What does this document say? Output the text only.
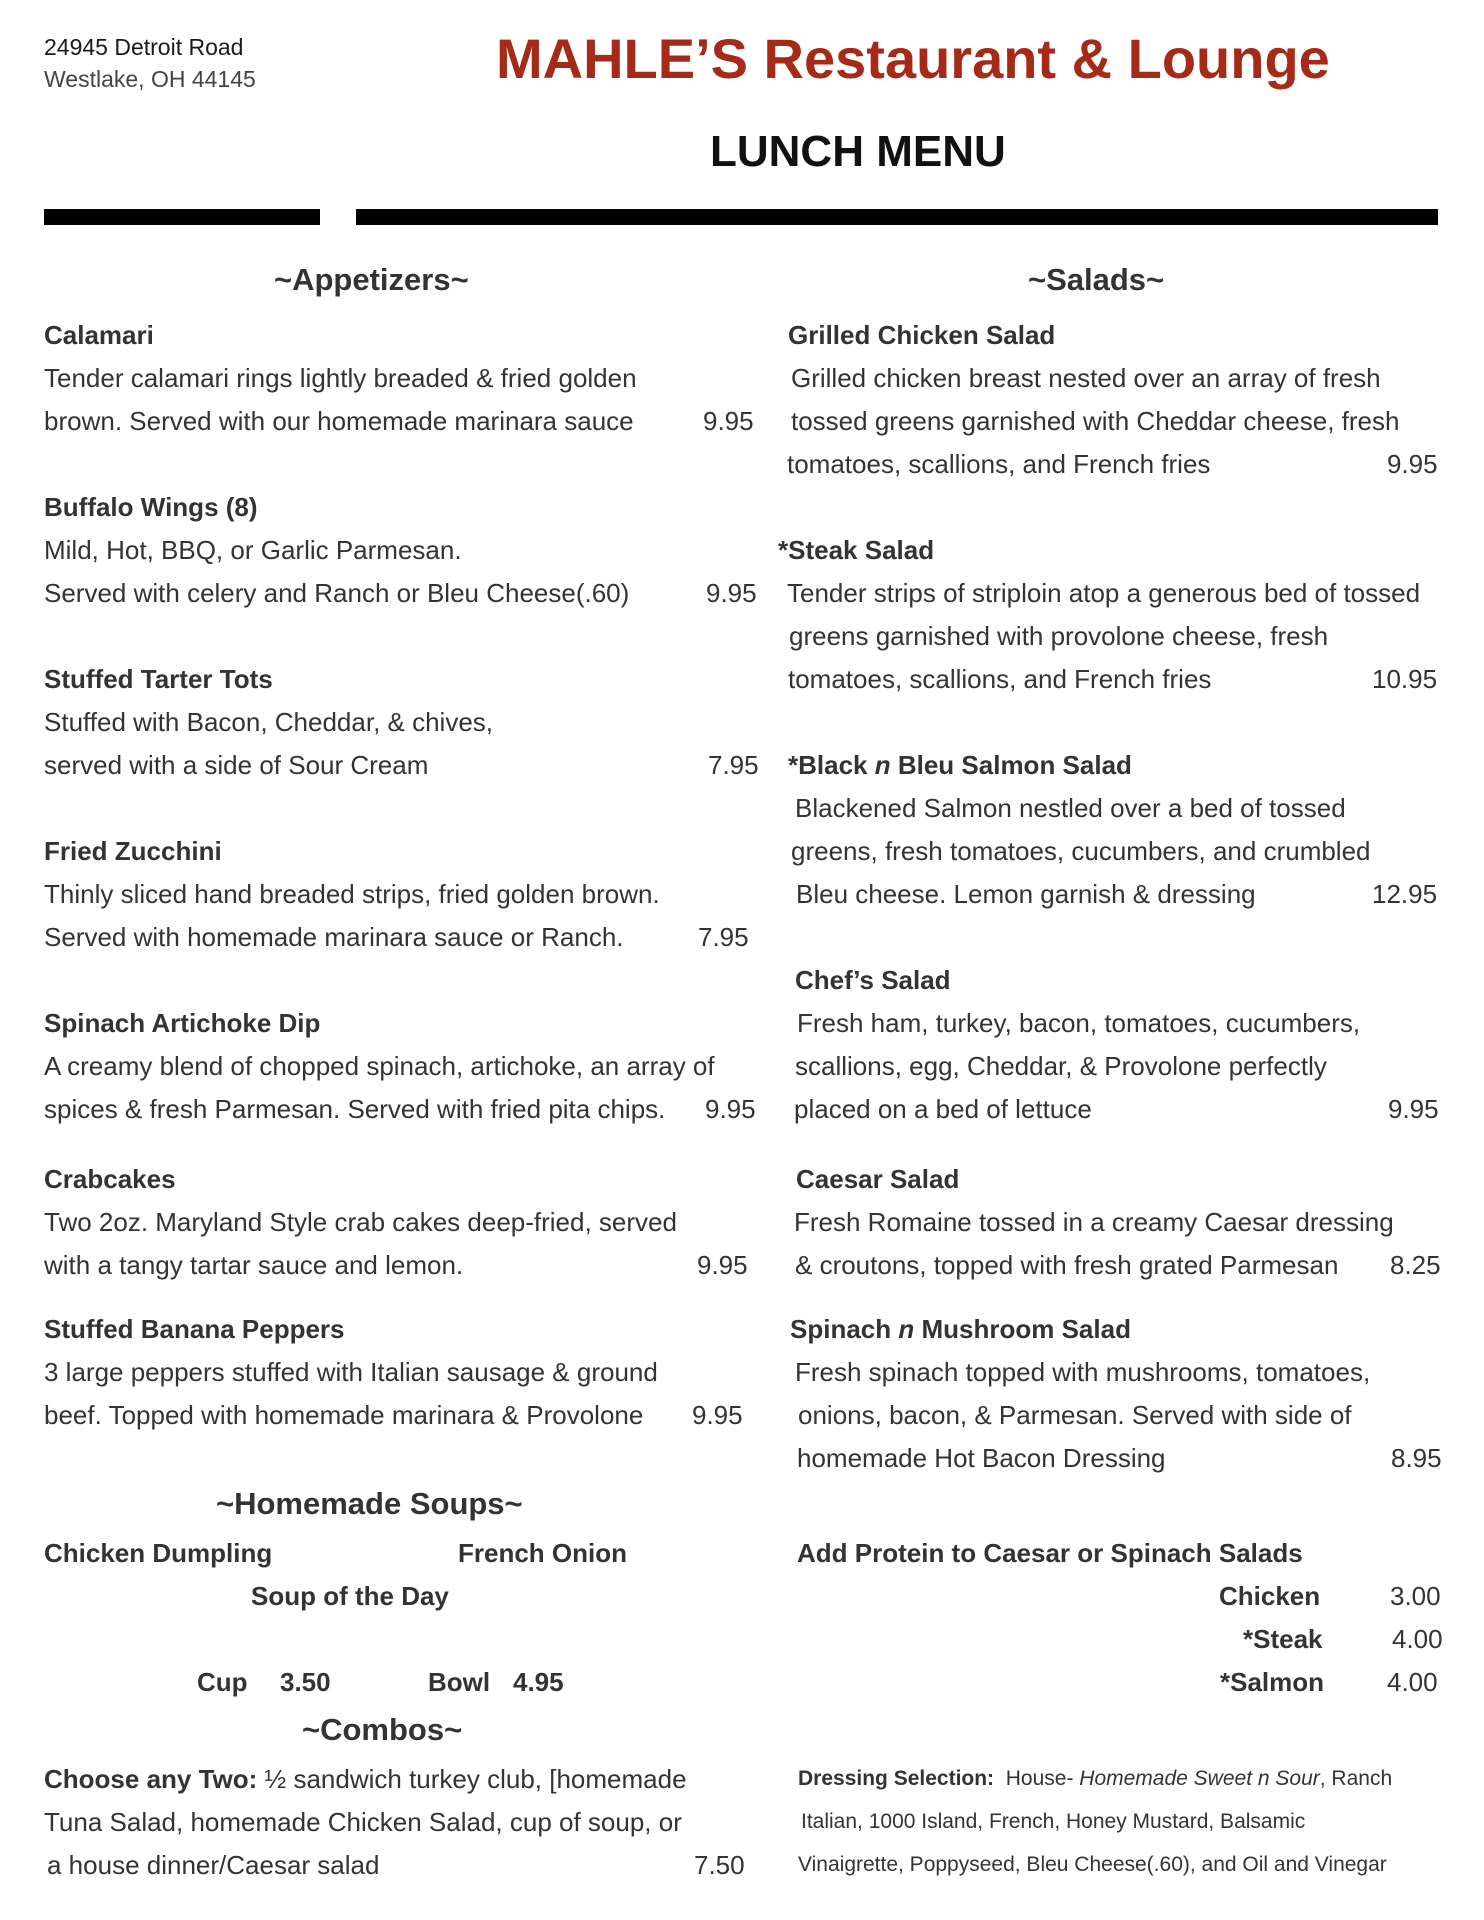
24945 Detroit Road
Westlake, OH 44145	MAHLE’S Restaurant & Lounge
LUNCH MENU
~Appetizers~
Calamari
Tender calamari rings lightly breaded & fried golden
brown. Served with our homemade marinara sauce	9.95
Buffalo Wings (8)
Mild, Hot, BBQ, or Garlic Parmesan.
Served with celery and Ranch or Bleu Cheese(.60)	9.95
Stuffed Tarter Tots
Stuffed with Bacon, Cheddar, & chives,
served with a side of Sour Cream	7.95
Fried Zucchini
Thinly sliced hand breaded strips, fried golden brown.
Served with homemade marinara sauce or Ranch.	7.95
Spinach Artichoke Dip
A creamy blend of chopped spinach, artichoke, an array of
spices & fresh Parmesan. Served with fried pita chips. 9.95
Crabcakes
Two 2oz. Maryland Style crab cakes deep-fried, served
with a tangy tartar sauce and lemon.	9.95
Stuffed Banana Peppers
3 large peppers stuffed with Italian sausage & ground
beef. Topped with homemade marinara & Provolone 9.95
~Homemade Soups~
Chicken Dumpling	French Onion
Soup of the Day
Cup 3.50	Bowl 4.95
~Combos~
Choose any Two: ½ sandwich turkey club, [homemade
Tuna Salad, homemade Chicken Salad, cup of soup, or
a house dinner/Caesar salad	7.50
~Salads~
Grilled Chicken Salad
Grilled chicken breast nested over an array of fresh
tossed greens garnished with Cheddar cheese, fresh
tomatoes, scallions, and French fries	9.95
*Steak Salad
Tender strips of striploin atop a generous bed of tossed
greens garnished with provolone cheese, fresh
tomatoes, scallions, and French fries	10.95
*Black n Bleu Salmon Salad
Blackened Salmon nestled over a bed of tossed
greens, fresh tomatoes, cucumbers, and crumbled
Bleu cheese. Lemon garnish & dressing	12.95
Chef’s Salad
Fresh ham, turkey, bacon, tomatoes, cucumbers,
scallions, egg, Cheddar, & Provolone perfectly
placed on a bed of lettuce	9.95
Caesar Salad
Fresh Romaine tossed in a creamy Caesar dressing
& croutons, topped with fresh grated Parmesan 8.25
Spinach n Mushroom Salad
Fresh spinach topped with mushrooms, tomatoes,
onions, bacon, & Parmesan. Served with side of
homemade Hot Bacon Dressing	8.95
Add Protein to Caesar or Spinach Salads
Chicken	3.00
*Steak	4.00
*Salmon 4.00
Dressing Selection: House- Homemade Sweet n Sour, Ranch
Italian, 1000 Island, French, Honey Mustard, Balsamic
Vinaigrette, Poppyseed, Bleu Cheese(.60), and Oil and Vinegar
